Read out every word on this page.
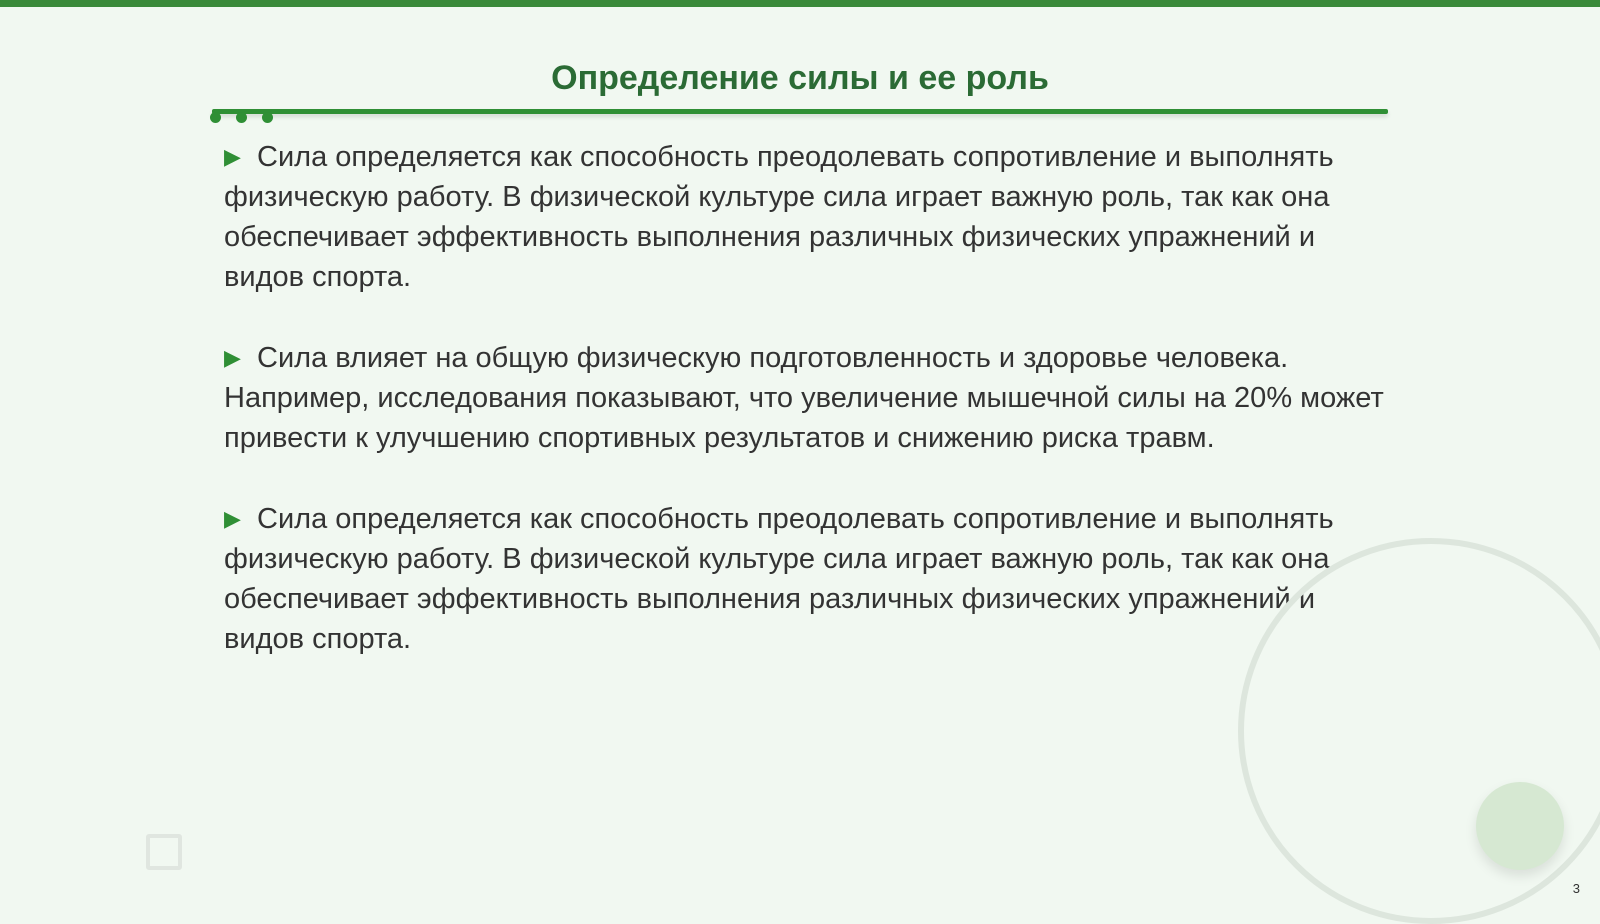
Определение силы и ее роль

▶ Сила определяется как способность преодолевать сопротивление и выполнять физическую работу. В физической культуре сила играет важную роль, так как она обеспечивает эффективность выполнения различных физических упражнений и видов спорта.

▶ Сила влияет на общую физическую подготовленность и здоровье человека. Например, исследования показывают, что увеличение мышечной силы на 20% может привести к улучшению спортивных результатов и снижению риска травм.

▶ Сила определяется как способность преодолевать сопротивление и выполнять физическую работу. В физической культуре сила играет важную роль, так как она обеспечивает эффективность выполнения различных физических упражнений и видов спорта.

3
